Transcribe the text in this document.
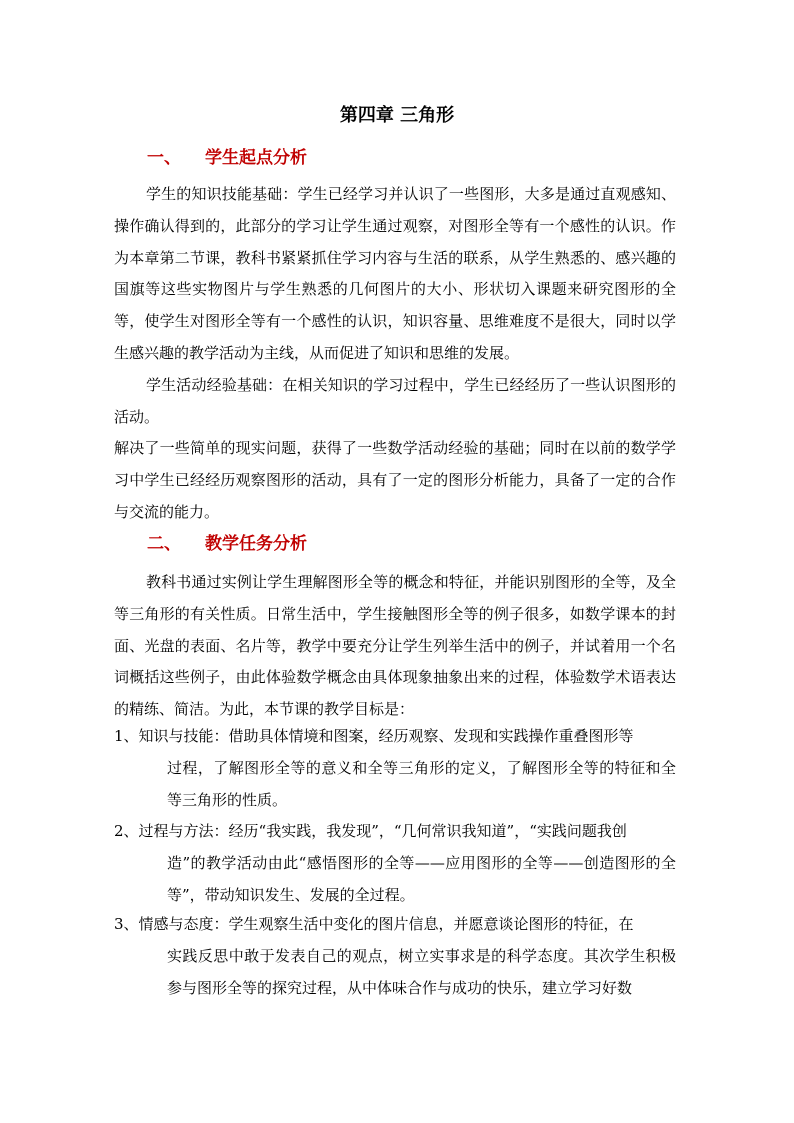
第四章 三角形
一、 学生起点分析

学生的知识技能基础：学生已经学习并认识了一些图形，大多是通过直观感知、操作确认得到的，此部分的学习让学生通过观察，对图形全等有一个感性的认识。作为本章第二节课，教科书紧紧抓住学习内容与生活的联系，从学生熟悉的、感兴趣的国旗等这些实物图片与学生熟悉的几何图片的大小、形状切入课题来研究图形的全等，使学生对图形全等有一个感性的认识，知识容量、思维难度不是很大，同时以学生感兴趣的教学活动为主线，从而促进了知识和思维的发展。

学生活动经验基础：在相关知识的学习过程中，学生已经经历了一些认识图形的活动。

解决了一些简单的现实问题，获得了一些数学活动经验的基础；同时在以前的数学学习中学生已经经历观察图形的活动，具有了一定的图形分析能力，具备了一定的合作与交流的能力。

二、 教学任务分析

教科书通过实例让学生理解图形全等的概念和特征，并能识别图形的全等，及全等三角形的有关性质。日常生活中，学生接触图形全等的例子很多，如数学课本的封面、光盘的表面、名片等，教学中要充分让学生列举生活中的例子，并试着用一个名词概括这些例子，由此体验数学概念由具体现象抽象出来的过程，体验数学术语表达的精练、简洁。为此，本节课的教学目标是：

1、知识与技能：借助具体情境和图案，经历观察、发现和实践操作重叠图形等
过程，了解图形全等的意义和全等三角形的定义，了解图形全等的特征和全等三角形的性质。
2、过程与方法：经历“我实践，我发现”，“几何常识我知道”，“实践问题我创
造”的教学活动由此“感悟图形的全等——应用图形的全等——创造图形的全等”，带动知识发生、发展的全过程。
3、情感与态度：学生观察生活中变化的图片信息，并愿意谈论图形的特征，在
实践反思中敢于发表自己的观点，树立实事求是的科学态度。其次学生积极参与图形全等的探究过程，从中体味合作与成功的快乐，建立学习好数
